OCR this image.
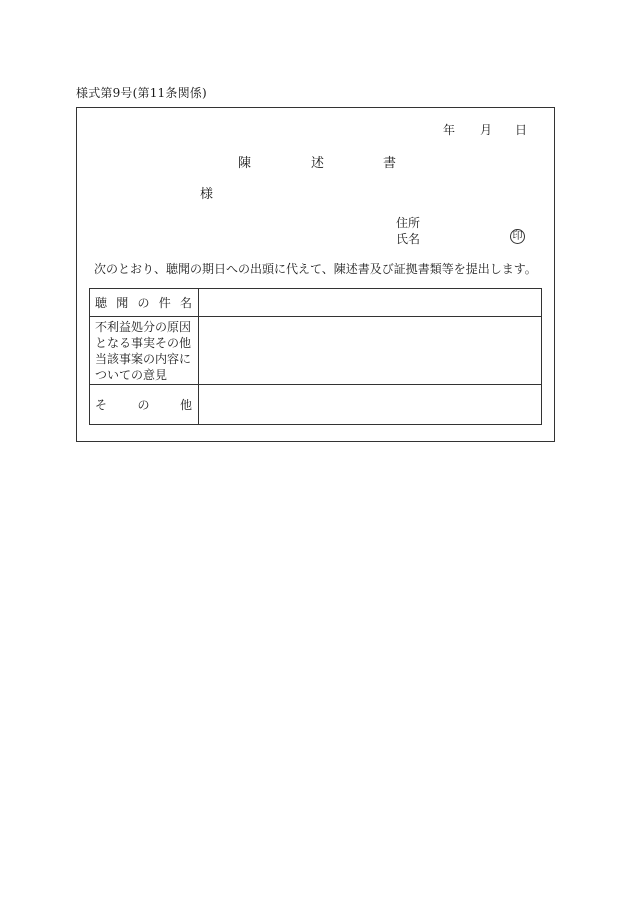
様式第9号(第11条関係)
年 月 日
陳	述	書
様
住所
氏名	印
次のとおり、聴聞の期日への出頭に代えて、陳述書及び証拠書類等を提出します。
聴 聞 の 件 名	

不利益処分の原因
となる事実その他
当該事案の内容に
ついての意見	

そ の 他	
